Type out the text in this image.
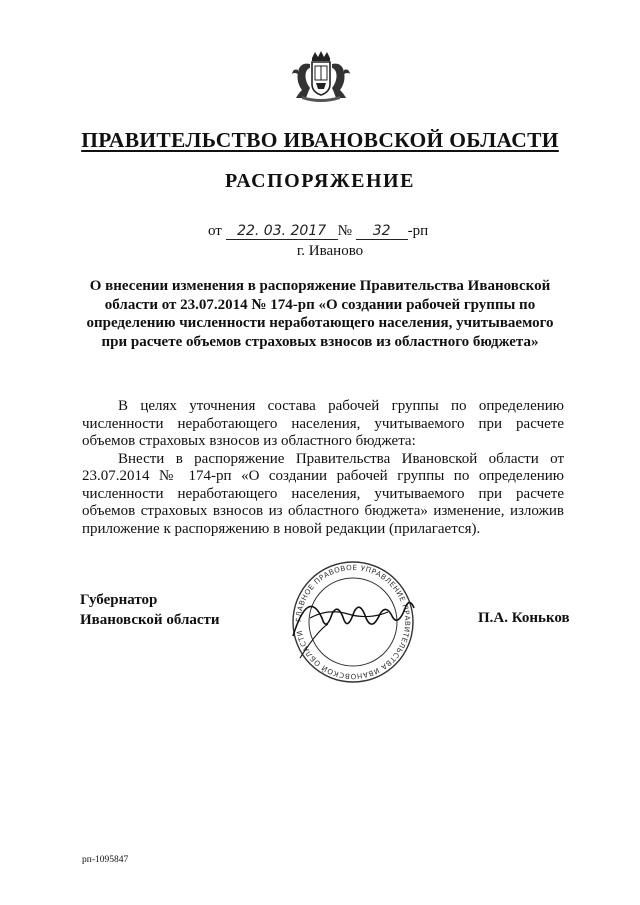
ПРАВИТЕЛЬСТВО ИВАНОВСКОЙ ОБЛАСТИ
РАСПОРЯЖЕНИЕ
от 22. 03. 2017 № 32 -рп
г. Иваново
О внесении изменения в распоряжение Правительства Ивановской области от 23.07.2014 № 174-рп «О создании рабочей группы по определению численности неработающего населения, учитываемого при расчете объемов страховых взносов из областного бюджета»

В целях уточнения состава рабочей группы по определению численности неработающего населения, учитываемого при расчете объемов страховых взносов из областного бюджета:

Внести в распоряжение Правительства Ивановской области от 23.07.2014 № 174-рп «О создании рабочей группы по определению численности неработающего населения, учитываемого при расчете объемов страховых взносов из областного бюджета» изменение, изложив приложение к распоряжению в новой редакции (прилагается).

Губернатор
Ивановской области	ГЛАВНОЕ ПРАВОВОЕ УПРАВЛЕНИЕ ПРАВИТЕЛЬСТВА ИВАНОВСКОЙ ОБЛАСТИ
П.А. Коньков
рп-1095847
